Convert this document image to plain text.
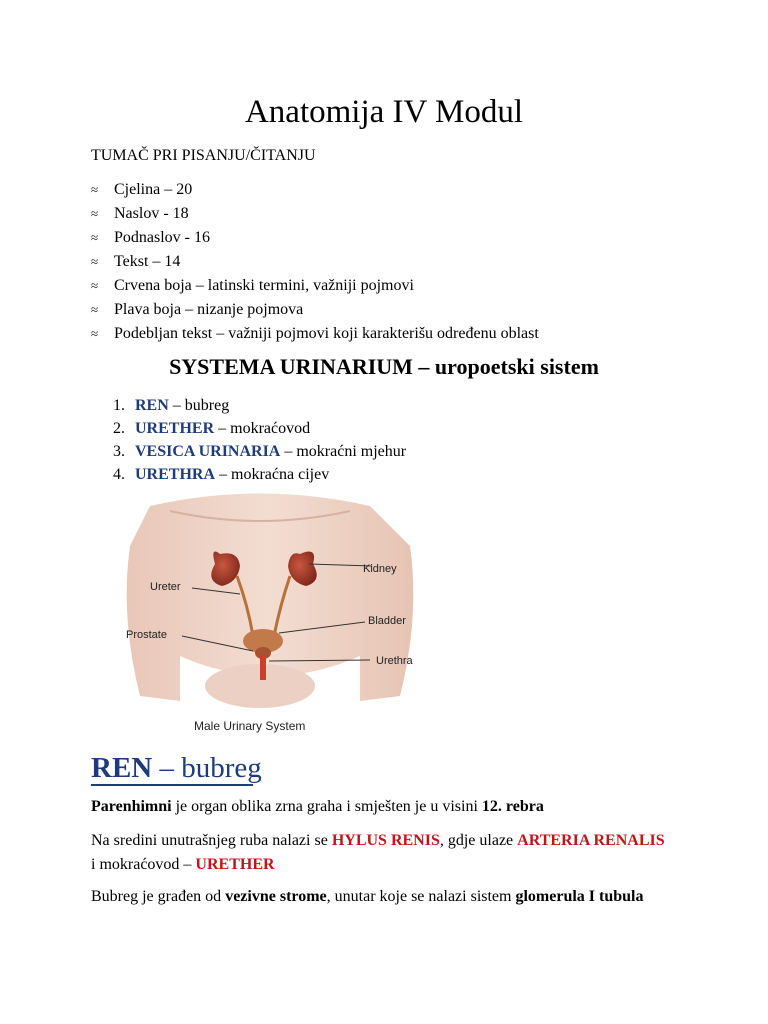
Anatomija IV Modul
TUMAČ PRI PISANJU/ČITANJU
≈ Cjelina – 20
≈ Naslov - 18
≈ Podnaslov - 16
≈ Tekst – 14
≈ Crvena boja – latinski termini, važniji pojmovi
≈ Plava boja – nizanje pojmova
≈ Podebljan tekst – važniji pojmovi koji karakterišu određenu oblast
SYSTEMA URINARIUM – uropoetski sistem
1. REN – bubreg
2. URETHER – mokraćovod
3. VESICA URINARIA – mokraćni mjehur
4. URETHRA – mokraćna cijev
Kidney
Ureter
Bladder
Prostate
Urethra
Male Urinary System
REN – bubreg
Parenhimni je organ oblika zrna graha i smješten je u visini 12. rebra
Na sredini unutrašnjeg ruba nalazi se HYLUS RENIS, gdje ulaze ARTERIA RENALIS i mokraćovod – URETHER
Bubreg je građen od vezivne strome, unutar koje se nalazi sistem glomerula I tubula
